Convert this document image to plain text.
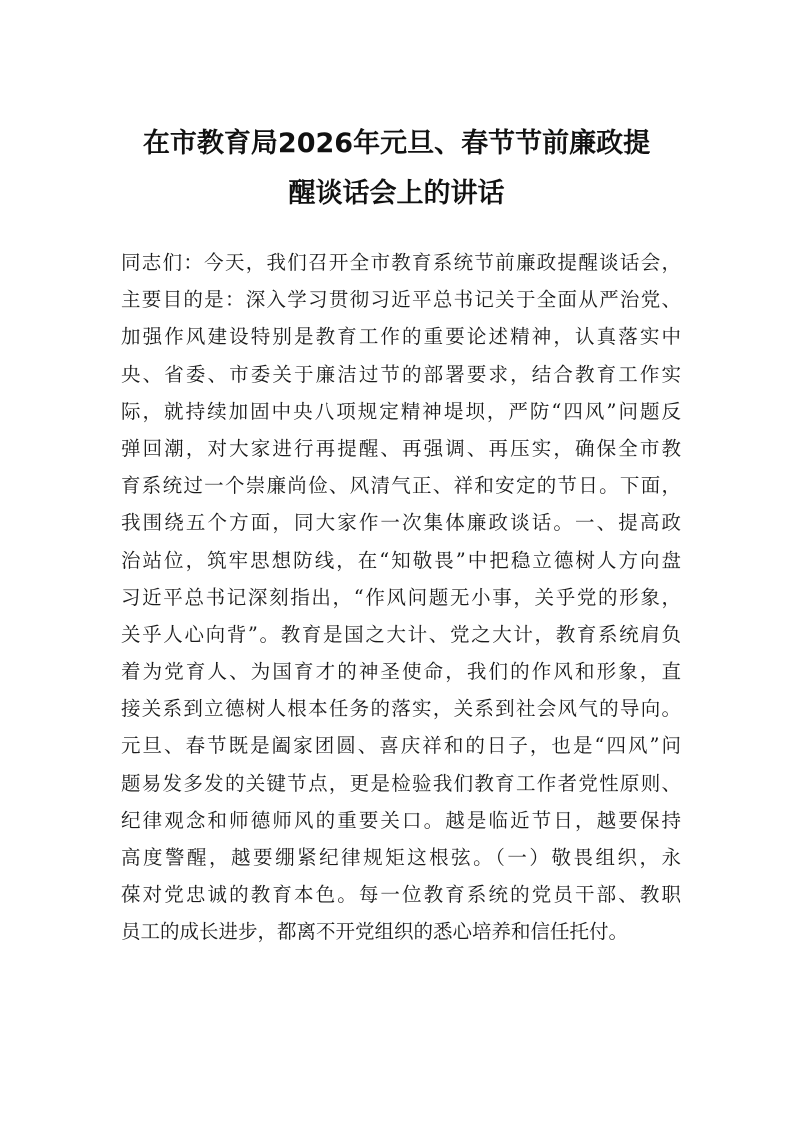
在市教育局2026年元旦、春节节前廉政提
醒谈话会上的讲话
同志们：今天，我们召开全市教育系统节前廉政提醒谈话会，
主要目的是：深入学习贯彻习近平总书记关于全面从严治党、
加强作风建设特别是教育工作的重要论述精神，认真落实中
央、省委、市委关于廉洁过节的部署要求，结合教育工作实
际，就持续加固中央八项规定精神堤坝，严防“四风”问题反
弹回潮，对大家进行再提醒、再强调、再压实，确保全市教
育系统过一个崇廉尚俭、风清气正、祥和安定的节日。下面，
我围绕五个方面，同大家作一次集体廉政谈话。一、提高政
治站位，筑牢思想防线，在“知敬畏”中把稳立德树人方向盘
习近平总书记深刻指出，“作风问题无小事，关乎党的形象，
关乎人心向背”。教育是国之大计、党之大计，教育系统肩负
着为党育人、为国育才的神圣使命，我们的作风和形象，直
接关系到立德树人根本任务的落实，关系到社会风气的导向。
元旦、春节既是阖家团圆、喜庆祥和的日子，也是“四风”问
题易发多发的关键节点，更是检验我们教育工作者党性原则、
纪律观念和师德师风的重要关口。越是临近节日，越要保持
高度警醒，越要绷紧纪律规矩这根弦。（一）敬畏组织，永
葆对党忠诚的教育本色。每一位教育系统的党员干部、教职
员工的成长进步，都离不开党组织的悉心培养和信任托付。
